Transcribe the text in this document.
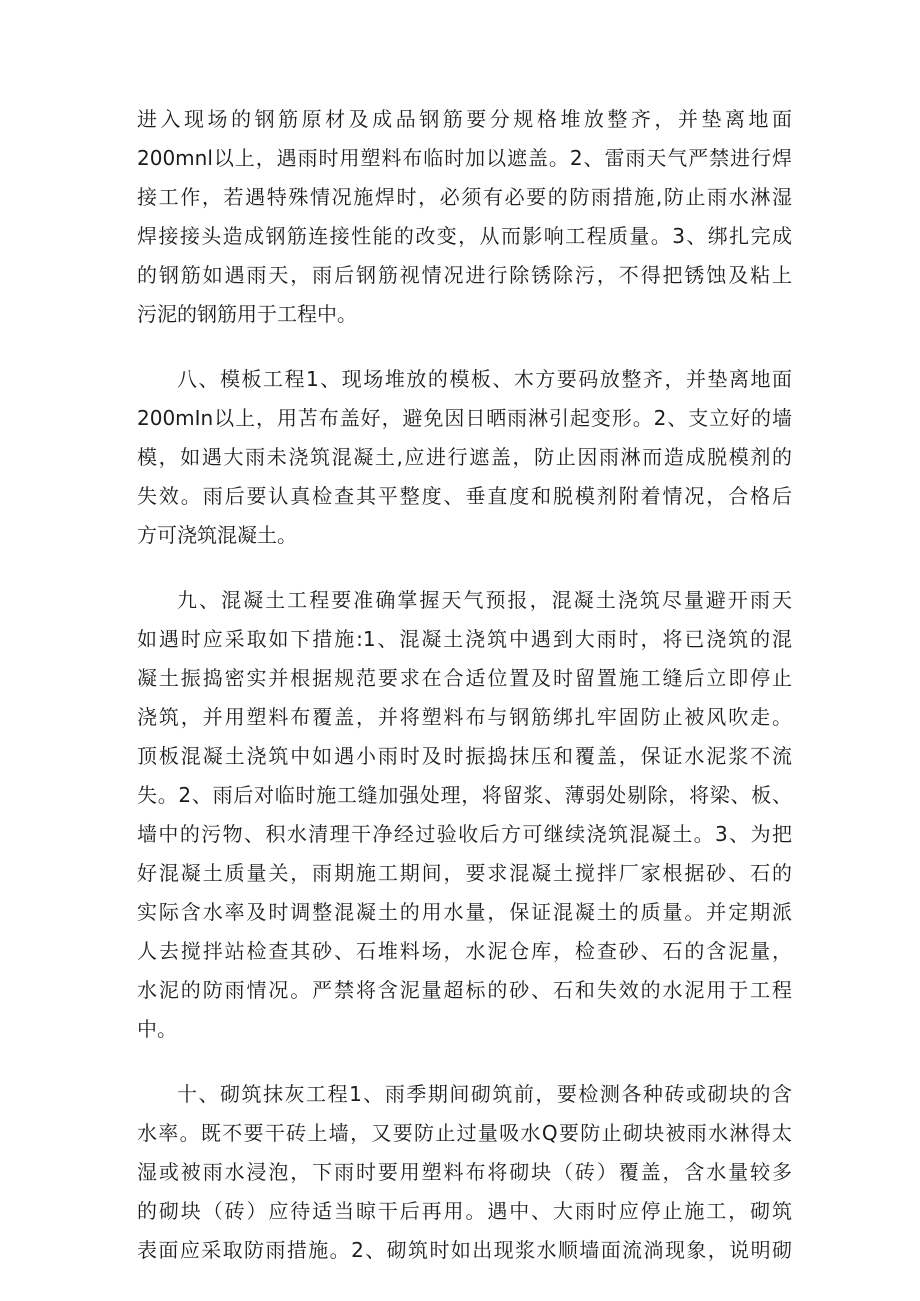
进入现场的钢筋原材及成品钢筋要分规格堆放整齐，并垫离地面
200mnl以上，遇雨时用塑料布临时加以遮盖。2、雷雨天气严禁进行焊
接工作，若遇特殊情况施焊时，必须有必要的防雨措施,防止雨水淋湿
焊接接头造成钢筋连接性能的改变，从而影响工程质量。3、绑扎完成
的钢筋如遇雨天，雨后钢筋视情况进行除锈除污，不得把锈蚀及粘上
污泥的钢筋用于工程中。
八、模板工程1、现场堆放的模板、木方要码放整齐，并垫离地面
200mIn以上，用苫布盖好，避免因日晒雨淋引起变形。2、支立好的墙
模，如遇大雨未浇筑混凝土,应进行遮盖，防止因雨淋而造成脱模剂的
失效。雨后要认真检查其平整度、垂直度和脱模剂附着情况，合格后
方可浇筑混凝土。
九、混凝土工程要准确掌握天气预报，混凝土浇筑尽量避开雨天
如遇时应采取如下措施:1、混凝土浇筑中遇到大雨时，将已浇筑的混
凝土振捣密实并根据规范要求在合适位置及时留置施工缝后立即停止
浇筑，并用塑料布覆盖，并将塑料布与钢筋绑扎牢固防止被风吹走。
顶板混凝土浇筑中如遇小雨时及时振捣抹压和覆盖，保证水泥浆不流
失。2、雨后对临时施工缝加强处理，将留浆、薄弱处剔除，将梁、板、
墙中的污物、积水清理干净经过验收后方可继续浇筑混凝土。3、为把
好混凝土质量关，雨期施工期间，要求混凝土搅拌厂家根据砂、石的
实际含水率及时调整混凝土的用水量，保证混凝土的质量。并定期派
人去搅拌站检查其砂、石堆料场，水泥仓库，检查砂、石的含泥量，
水泥的防雨情况。严禁将含泥量超标的砂、石和失效的水泥用于工程
中。
十、砌筑抹灰工程1、雨季期间砌筑前，要检测各种砖或砌块的含
水率。既不要干砖上墙，又要防止过量吸水Q要防止砌块被雨水淋得太
湿或被雨水浸泡，下雨时要用塑料布将砌块（砖）覆盖，含水量较多
的砌块（砖）应待适当晾干后再用。遇中、大雨时应停止施工，砌筑
表面应采取防雨措施。2、砌筑时如出现浆水顺墙面流淌现象，说明砌
